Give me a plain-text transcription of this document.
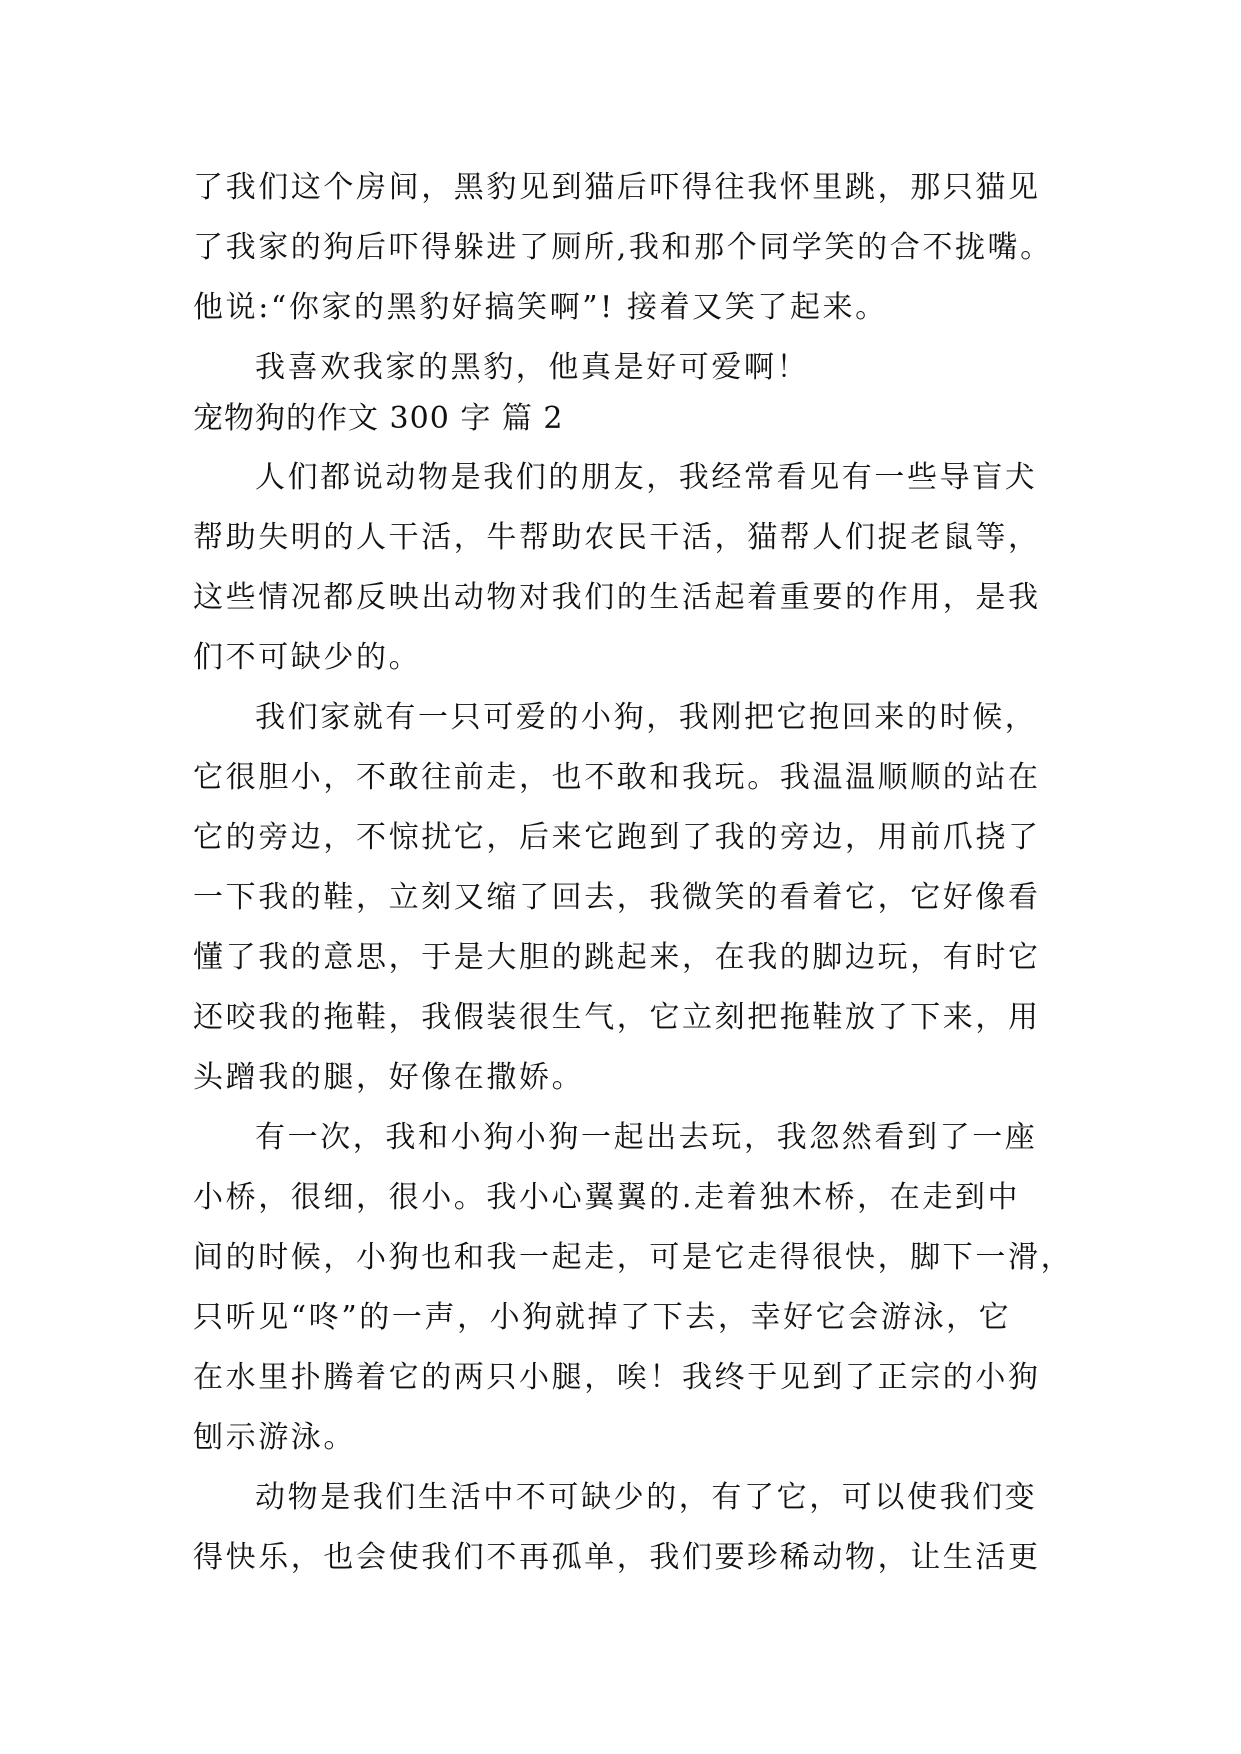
了我们这个房间，黑豹见到猫后吓得往我怀里跳，那只猫见
了我家的狗后吓得躲进了厕所,我和那个同学笑的合不拢嘴。
他说:“你家的黑豹好搞笑啊”! 接着又笑了起来。
我喜欢我家的黑豹，他真是好可爱啊！
宠物狗的作文 300 字 篇 2
人们都说动物是我们的朋友，我经常看见有一些导盲犬
帮助失明的人干活，牛帮助农民干活，猫帮人们捉老鼠等，
这些情况都反映出动物对我们的生活起着重要的作用，是我
们不可缺少的。
我们家就有一只可爱的小狗，我刚把它抱回来的时候，
它很胆小，不敢往前走，也不敢和我玩。我温温顺顺的站在
它的旁边，不惊扰它，后来它跑到了我的旁边，用前爪挠了
一下我的鞋，立刻又缩了回去，我微笑的看着它，它好像看
懂了我的意思，于是大胆的跳起来，在我的脚边玩，有时它
还咬我的拖鞋，我假装很生气，它立刻把拖鞋放了下来，用
头蹭我的腿，好像在撒娇。
有一次，我和小狗小狗一起出去玩，我忽然看到了一座
小桥，很细，很小。我小心翼翼的.走着独木桥，在走到中
间的时候，小狗也和我一起走，可是它走得很快，脚下一滑，
只听见“咚”的一声，小狗就掉了下去，幸好它会游泳，它
在水里扑腾着它的两只小腿，唉！我终于见到了正宗的小狗
刨示游泳。
动物是我们生活中不可缺少的，有了它，可以使我们变
得快乐，也会使我们不再孤单，我们要珍稀动物，让生活更
